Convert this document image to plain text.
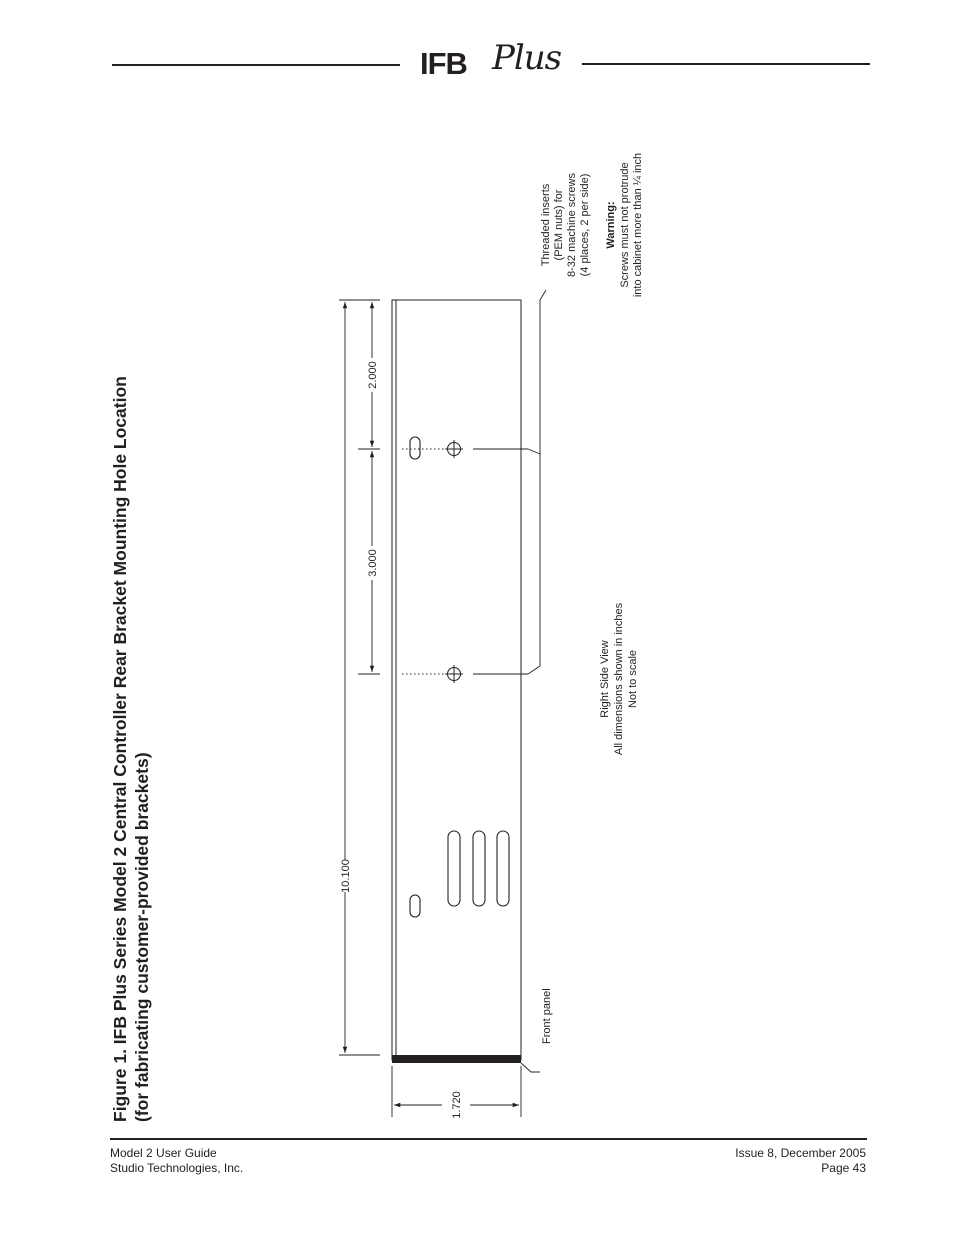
IFB Plus
Figure 1. IFB Plus Series Model 2 Central Controller Rear Bracket Mounting Hole Location (for fabricating customer-provided brackets)	10.100
3.000
2.000
1.720
Front panel
Threaded inserts (PEM nuts) for 8-32 machine screws (4 places, 2 per side) Warning: Screws must not protrude into cabinet more than ¼ inch
Right Side View All dimensions shown in inches Not to scale
Model 2 User Guide
Studio Technologies, Inc.
Issue 8, December 2005
Page 43
